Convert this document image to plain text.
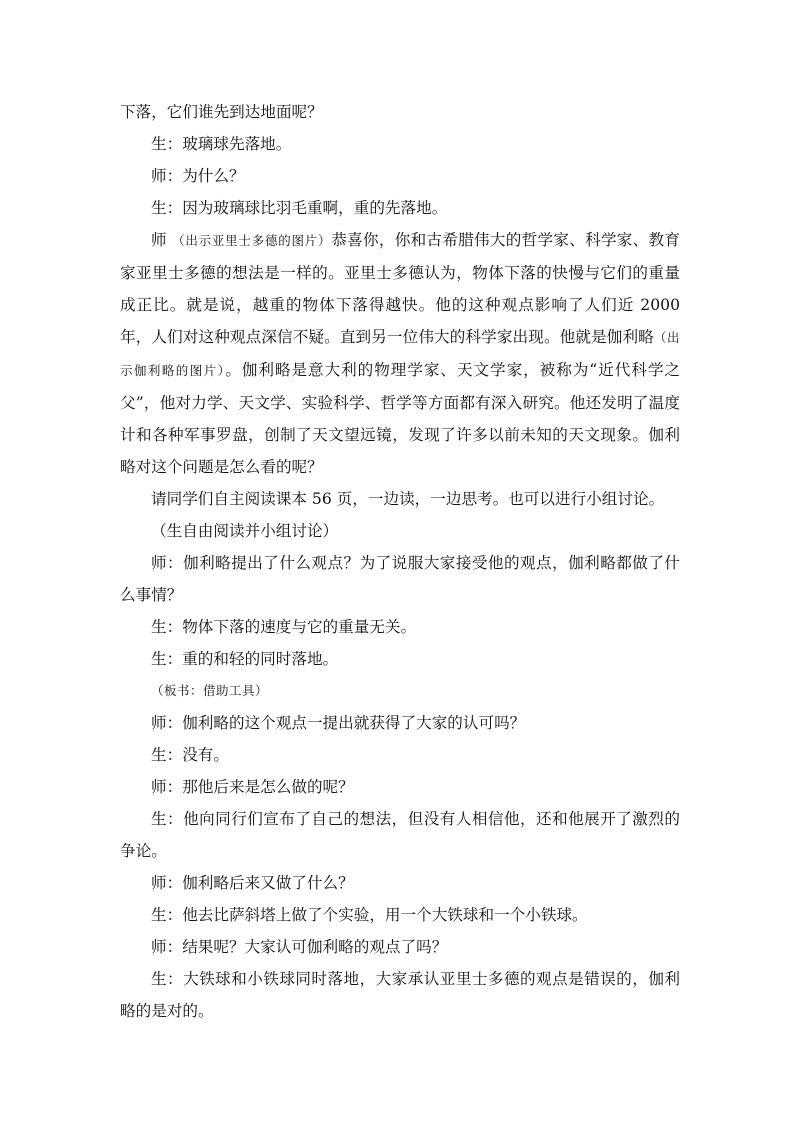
下落，它们谁先到达地面呢？

生：玻璃球先落地。

师：为什么？

生：因为玻璃球比羽毛重啊，重的先落地。

师 （出示亚里士多德的图片）恭喜你，你和古希腊伟大的哲学家、科学家、教育家亚里士多德的想法是一样的。亚里士多德认为，物体下落的快慢与它们的重量成正比。就是说，越重的物体下落得越快。他的这种观点影响了人们近 2000 年，人们对这种观点深信不疑。直到另一位伟大的科学家出现。他就是伽利略（出示伽利略的图片）。伽利略是意大利的物理学家、天文学家，被称为“近代科学之父”，他对力学、天文学、实验科学、哲学等方面都有深入研究。他还发明了温度计和各种军事罗盘，创制了天文望远镜，发现了许多以前未知的天文现象。伽利略对这个问题是怎么看的呢？

请同学们自主阅读课本 56 页，一边读，一边思考。也可以进行小组讨论。

（生自由阅读并小组讨论）

师：伽利略提出了什么观点？为了说服大家接受他的观点，伽利略都做了什么事情？

生：物体下落的速度与它的重量无关。

生：重的和轻的同时落地。

（板书：借助工具）

师：伽利略的这个观点一提出就获得了大家的认可吗？

生：没有。

师：那他后来是怎么做的呢？

生：他向同行们宣布了自己的想法，但没有人相信他，还和他展开了激烈的争论。

师：伽利略后来又做了什么？

生：他去比萨斜塔上做了个实验，用一个大铁球和一个小铁球。

师：结果呢？大家认可伽利略的观点了吗？

生：大铁球和小铁球同时落地，大家承认亚里士多德的观点是错误的，伽利略的是对的。
